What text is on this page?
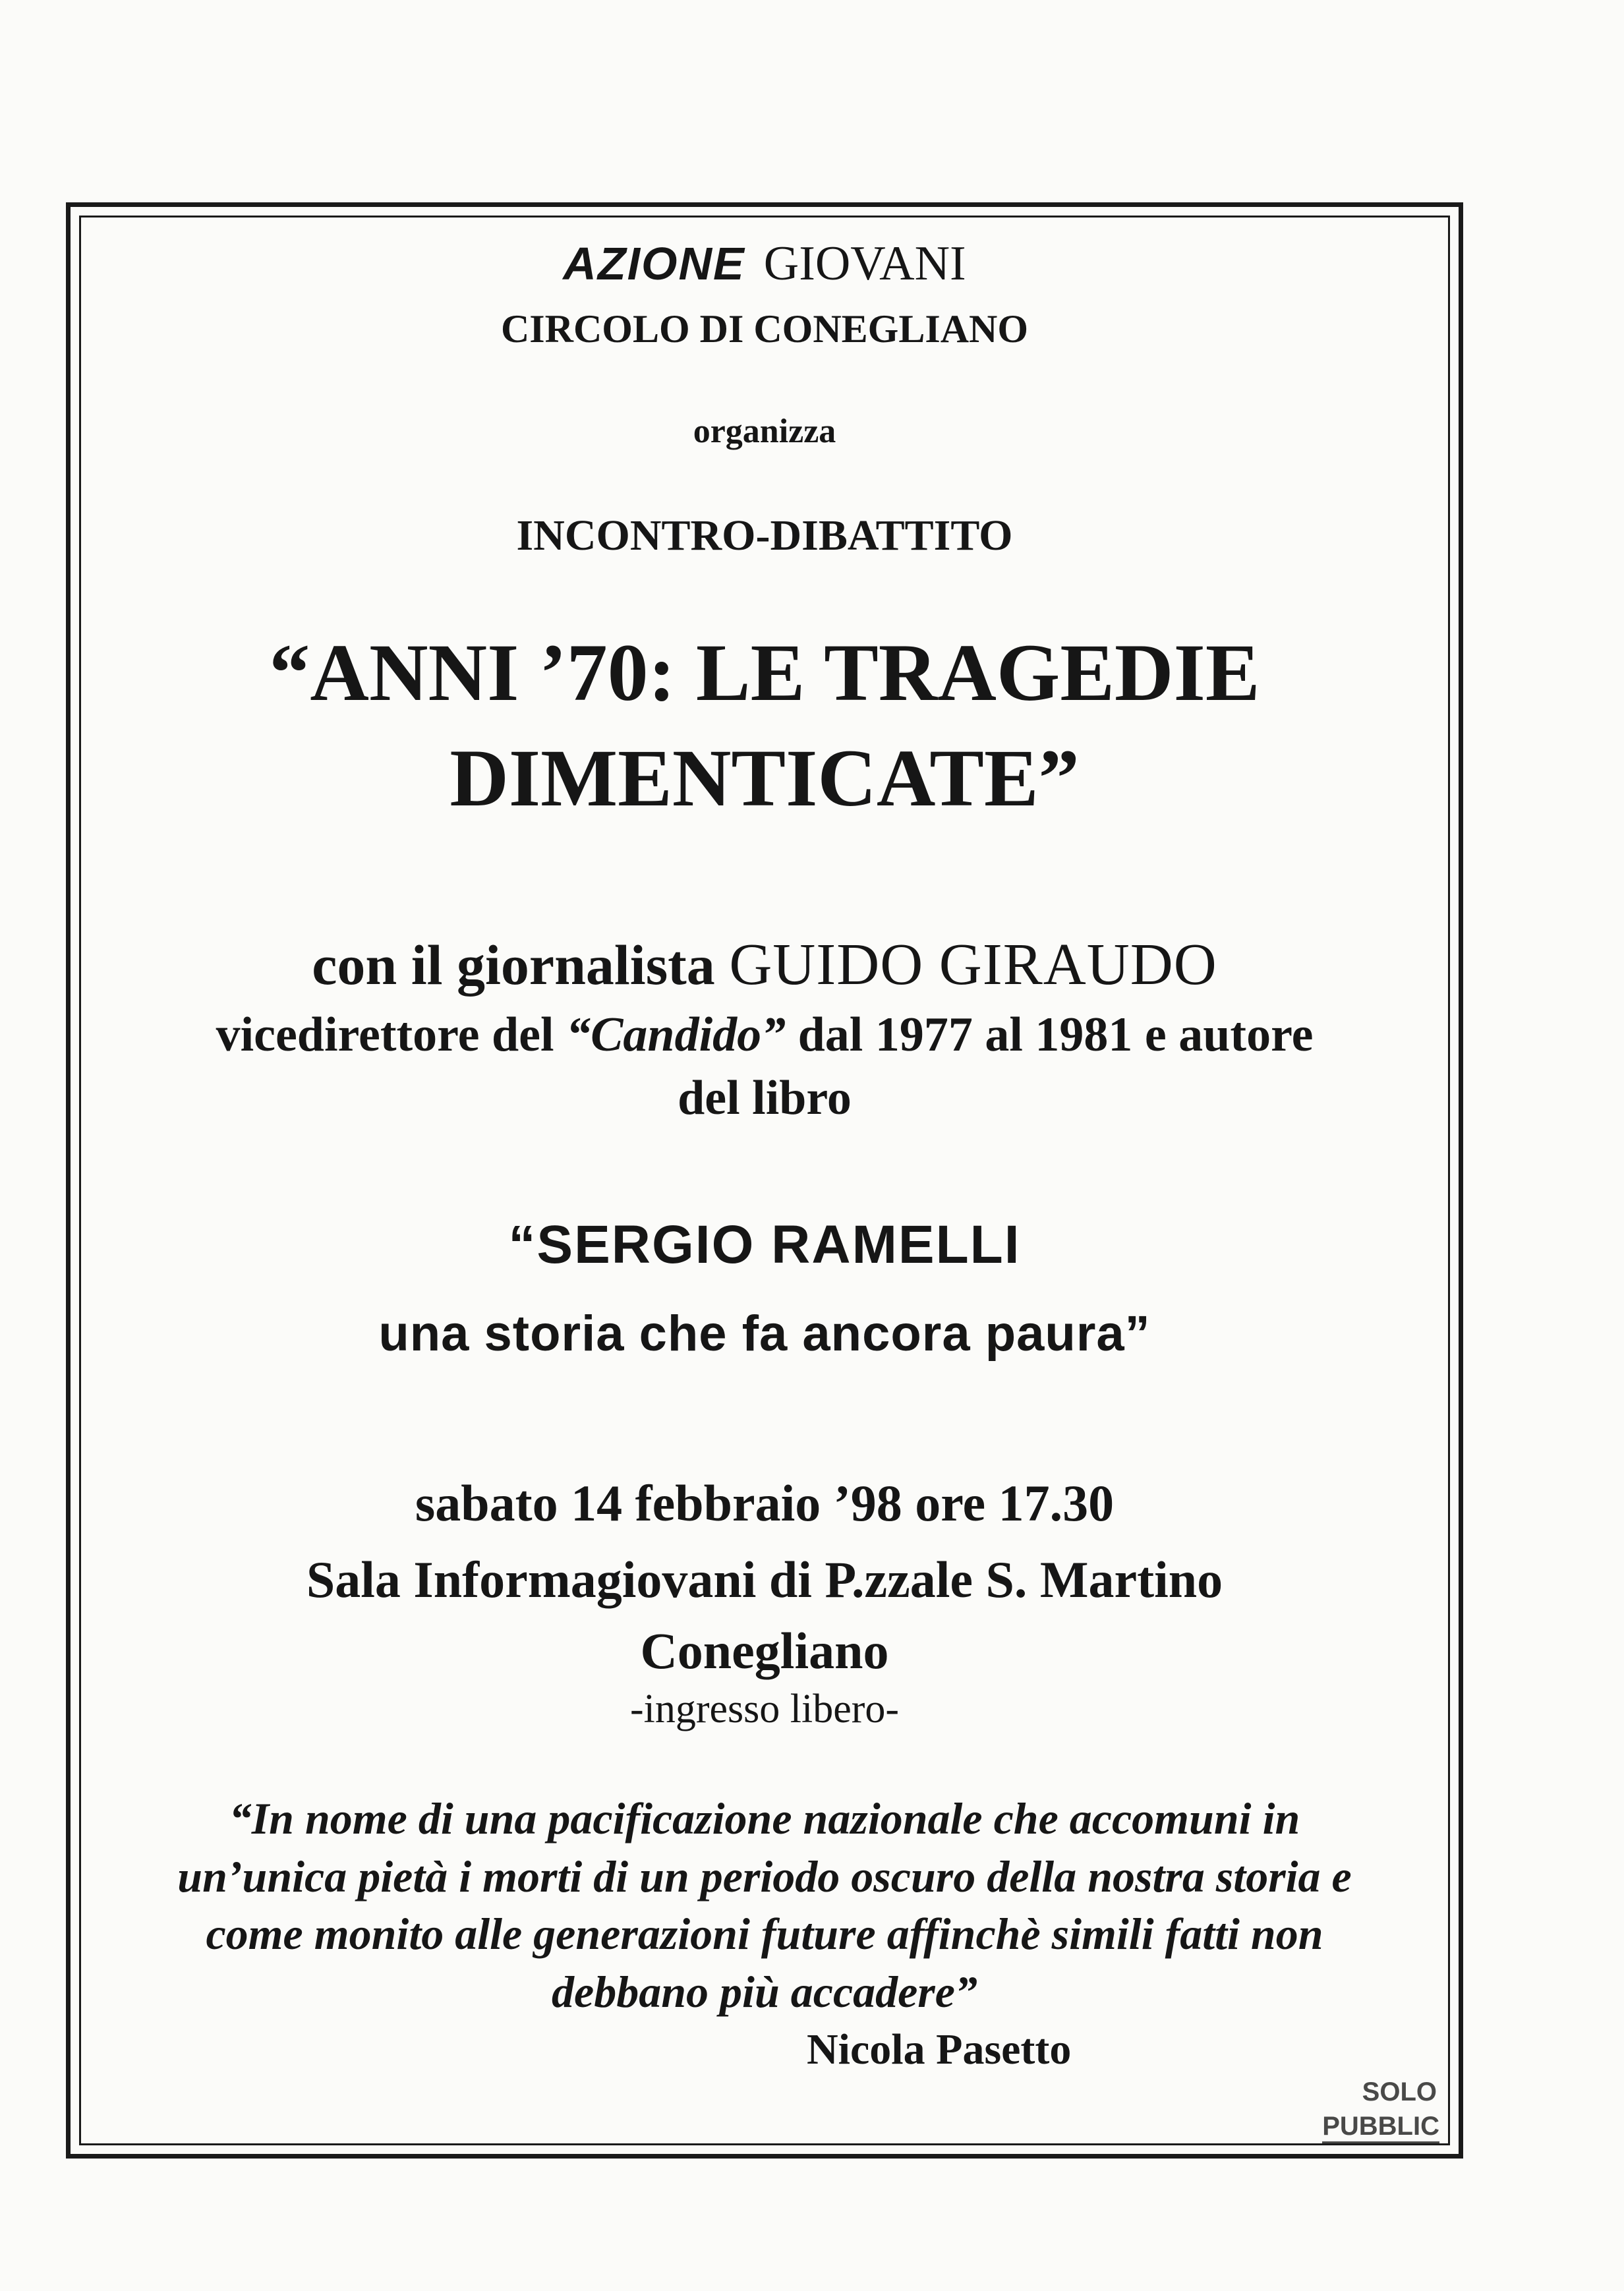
AZIONE GIOVANI
CIRCOLO DI CONEGLIANO
organizza
INCONTRO-DIBATTITO
“ANNI ’70: LE TRAGEDIE
DIMENTICATE”
con il giornalista GUIDO GIRAUDO
vicedirettore del “Candido” dal 1977 al 1981 e autore
del libro
“SERGIO RAMELLI
una storia che fa ancora paura”
sabato 14 febbraio ’98 ore 17.30
Sala Informagiovani di P.zzale S. Martino
Conegliano
-ingresso libero-
“In nome di una pacificazione nazionale che accomuni in
un’unica pietà i morti di un periodo oscuro della nostra storia e
come monito alle generazioni future affinchè simili fatti non
debbano più accadere”
Nicola Pasetto
SOLO
PUBBLIC
